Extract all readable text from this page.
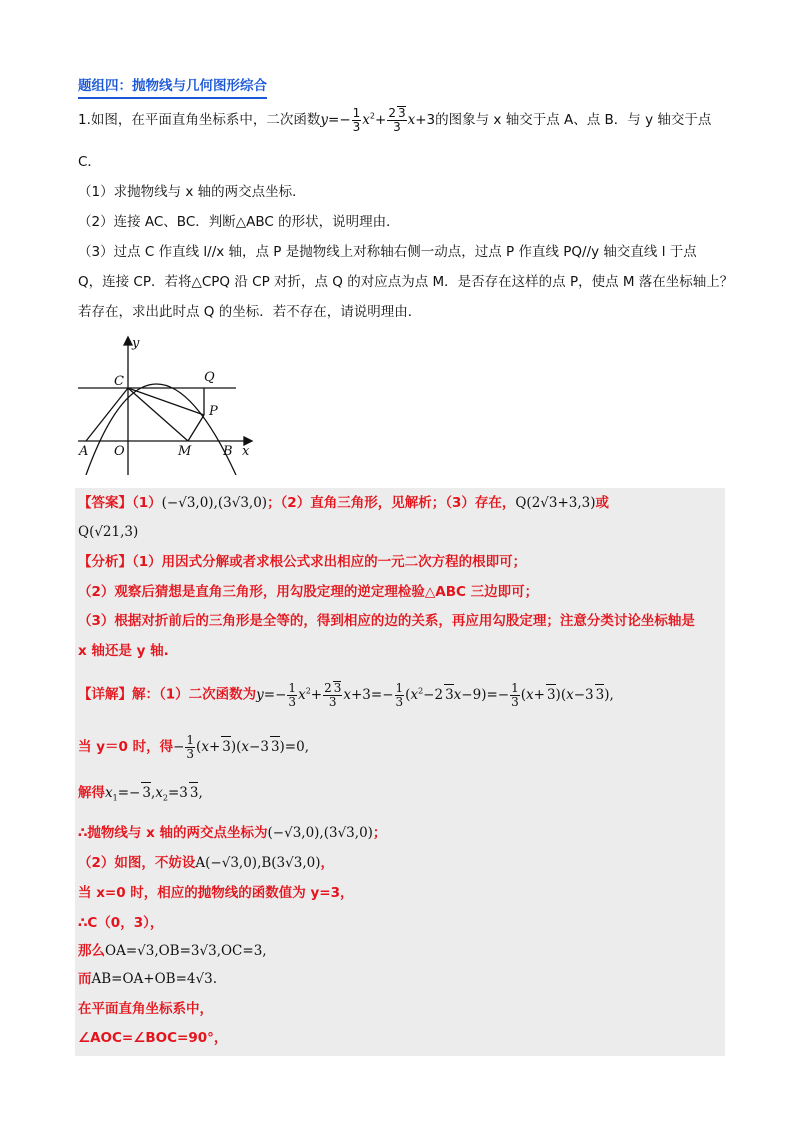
题组四：抛物线与几何图形综合
1.如图，在平面直角坐标系中，二次函数$y=- \frac{1}{3} x^2+ \frac{2 3}{3} x+3$的图象与 x 轴交于点 A、点 B．与 y 轴交于点
C．
（1）求抛物线与 x 轴的两交点坐标．
（2）连接 AC、BC．判断△ABC 的形状，说明理由．
（3）过点 C 作直线 l//x 轴，点 P 是抛物线上对称轴右侧一动点，过点 P 作直线 PQ//y 轴交直线 l 于点
Q，连接 CP．若将△CPQ 沿 CP 对折，点 Q 的对应点为点 M．是否存在这样的点 P，使点 M 落在坐标轴上？
若存在，求出此时点 Q 的坐标．若不存在，请说明理由．
y
x
C	Q
P
A O	M B
【答案】（1）(−√3,0),(3√3,0)；（2）直角三角形，见解析；（3）存在，Q(2√3+3,3)或
Q(√21,3)
【分析】（1）用因式分解或者求根公式求出相应的一元二次方程的根即可；
（2）观察后猜想是直角三角形，用勾股定理的逆定理检验△ABC 三边即可；
（3）根据对折前后的三角形是全等的，得到相应的边的关系，再应用勾股定理；注意分类讨论坐标轴是
x 轴还是 y 轴.
【详解】解：（1）二次函数为$y=- \frac{1}{3} x^2+ \frac{2 3}{3} x+3=- \frac{1}{3} (x^2-2$ $3x-9)=- \frac{1}{3} (x+ 3)(x-3$ 3),
当 y＝0 时，得− $\frac{1}{3} (x+ 3)(x-3$ 3)=0,
解得$x_1=- 3,x_2=3$ 3,
∴抛物线与 x 轴的两交点坐标为(−√3,0),(3√3,0)；
（2）如图，不妨设A(−√3,0),B(3√3,0)，
当 x=0 时，相应的抛物线的函数值为 y=3，
∴C（0，3），
那么OA=√3,OB=3√3,OC=3,
而AB=OA+OB=4√3.
在平面直角坐标系中，
∠AOC=∠BOC=90°，
